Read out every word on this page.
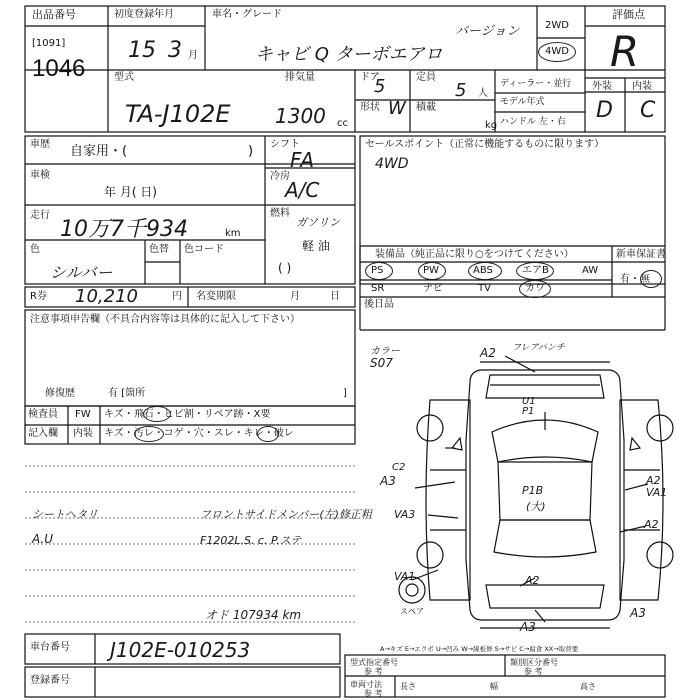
出品番号
[1091]
1046
初度登録年月
15 3 月
車名・グレード
キャビ Q ターボエアロ
バージョン	2WD
4WD
評価点
R
外装 内装
D C
型式
TA-J102E
排気量
1300 cc
ドア
5	定員
5 人
形状 W 積載
kg
ディーラー・並行
モデル年式
ハンドル 左・右
車歴 自家用・(	) シフト
FA
冷房
A/C
燃料
ガソリン
軽 油
( )
車検
年 月( 日)
走行
10万7千934	km
色
シルバー
色替 色コード
セールスポイント（正常に機能するものに限ります）
4WD
装備品（純正品に限り○をつけてください）	新車保証書
有・無
PS	PW	ABS	エアB	AW
SR	ナビ	TV	カワ
後日品
R券 10,210	円 名変期限	月	日
注意事項申告欄（不具合内容等は具体的に記入して下さい）
修復歴	有 [箇所	]
検査員
記入欄
FW キズ・飛石・ヒビ割・リペア跡・X要
内装 キズ・汚レ・コゲ・穴・スレ・キレ・破レ
シートヘタリ	フロントサイドメンバー(左)修正粗
A.U	F1202L.S. c. P.ステ
オド 107934 km
カラー
S07
A2 フレアパンチ
U1
P1
C2
A3
P1B
(大)
A2
VA1
A2
VA3
VA1	A2
A3
A3
スペア
A→キズ E→エクボ U→凹み W→線板修 S→サビ C→腐食 XX→取替要
車台番号 J102E-010253
登録番号
型式指定番号
参 考
類別区分番号
参 考
車両寸法
参 考
長さ	幅	高さ
